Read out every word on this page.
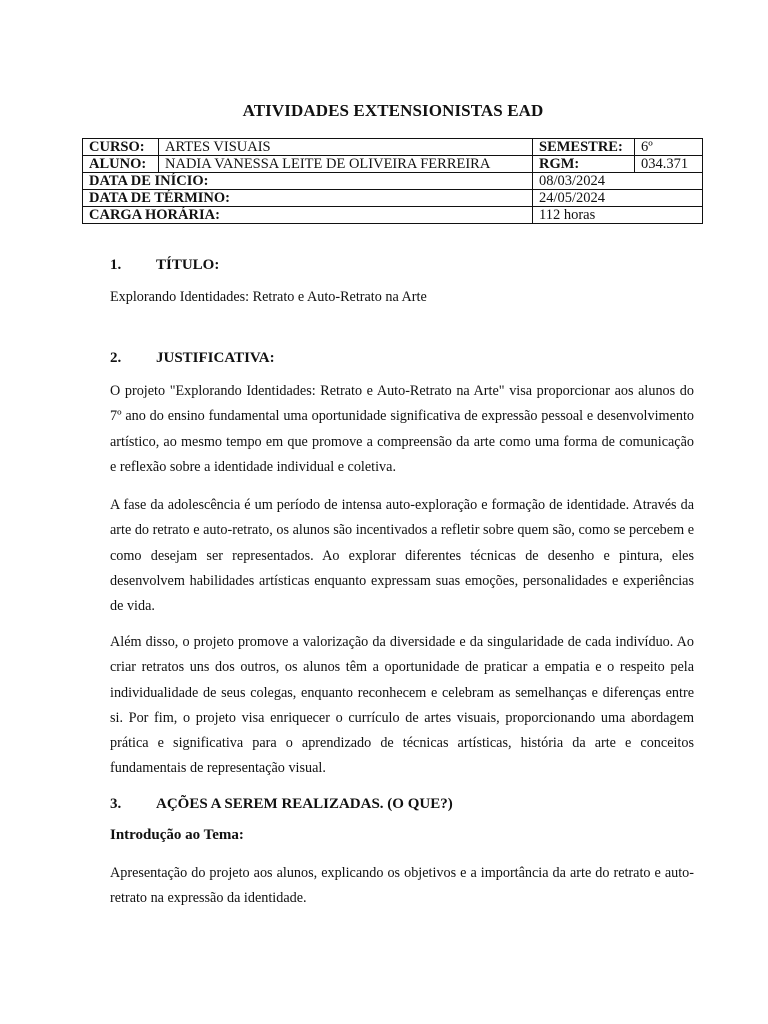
ATIVIDADES EXTENSIONISTAS EAD
CURSO:	ARTES VISUAIS	SEMESTRE:	6º
ALUNO:	NADIA VANESSA LEITE DE OLIVEIRA FERREIRA	RGM:	034.371
DATA DE INÍCIO:		08/03/2024	
DATA DE TÉRMINO:		24/05/2024	
CARGA HORÁRIA:		112 horas	
1. TÍTULO:

Explorando Identidades: Retrato e Auto-Retrato na Arte

2. JUSTIFICATIVA:

O projeto "Explorando Identidades: Retrato e Auto-Retrato na Arte" visa proporcionar aos alunos do 7º ano do ensino fundamental uma oportunidade significativa de expressão pessoal e desenvolvimento artístico, ao mesmo tempo em que promove a compreensão da arte como uma forma de comunicação e reflexão sobre a identidade individual e coletiva.

A fase da adolescência é um período de intensa auto-exploração e formação de identidade. Através da arte do retrato e auto-retrato, os alunos são incentivados a refletir sobre quem são, como se percebem e como desejam ser representados. Ao explorar diferentes técnicas de desenho e pintura, eles desenvolvem habilidades artísticas enquanto expressam suas emoções, personalidades e experiências de vida.

Além disso, o projeto promove a valorização da diversidade e da singularidade de cada indivíduo. Ao criar retratos uns dos outros, os alunos têm a oportunidade de praticar a empatia e o respeito pela individualidade de seus colegas, enquanto reconhecem e celebram as semelhanças e diferenças entre si. Por fim, o projeto visa enriquecer o currículo de artes visuais, proporcionando uma abordagem prática e significativa para o aprendizado de técnicas artísticas, história da arte e conceitos fundamentais de representação visual.

3. AÇÕES A SEREM REALIZADAS. (O QUE?)
Introdução ao Tema:

Apresentação do projeto aos alunos, explicando os objetivos e a importância da arte do retrato e auto-retrato na expressão da identidade.
